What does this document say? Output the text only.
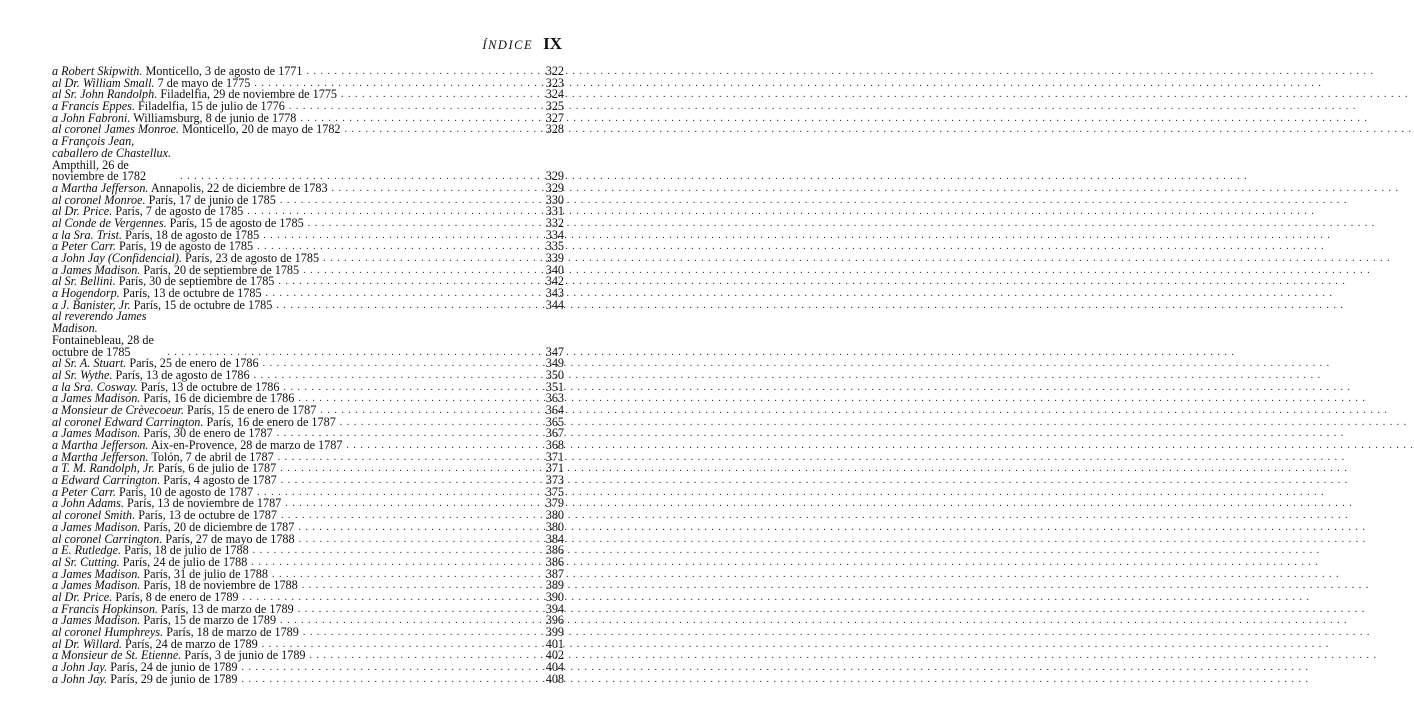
ÍNDICE IX
a Robert Skipwith. Monticello, 3 de agosto de 1771 . . .	322
al Dr. William Small. 7 de mayo de 1775 . . .	323
al Sr. John Randolph. Filadelfia, 29 de noviembre de 1775 . . .	324
a Francis Eppes. Filadelfia, 15 de julio de 1776 . . .	325
a John Fabroni. Williamsburg, 8 de junio de 1778 . . .	327
al coronel James Monroe. Monticello, 20 de mayo de 1782 . . .	328
a François Jean, caballero de Chastellux. Ampthill, 26 de noviembre de 1782 . . .	329
a Martha Jefferson. Annapolis, 22 de diciembre de 1783 . . .	329
al coronel Monroe. París, 17 de junio de 1785 . . .	330
al Dr. Price. París, 7 de agosto de 1785 . . .	331
al Conde de Vergennes. París, 15 de agosto de 1785 . . .	332
a la Sra. Trist. París, 18 de agosto de 1785 . . .	334
a Peter Carr. París, 19 de agosto de 1785 . . .	335
a John Jay (Confidencial). París, 23 de agosto de 1785 . . .	339
a James Madison. París, 20 de septiembre de 1785 . . .	340
al Sr. Bellini. París, 30 de septiembre de 1785 . . .	342
a Hogendorp. París, 13 de octubre de 1785 . . .	343
a J. Banister, Jr. París, 15 de octubre de 1785 . . .	344
al reverendo James Madison. Fontainebleau, 28 de octubre de 1785 . . .	347
al Sr. A. Stuart. París, 25 de enero de 1786 . . .	349
al Sr. Wythe. París, 13 de agosto de 1786 . . .	350
a la Sra. Cosway. París, 13 de octubre de 1786 . . .	351
a James Madison. París, 16 de diciembre de 1786 . . .	363
a Monsieur de Crèvecoeur. París, 15 de enero de 1787 . . .	364
al coronel Edward Carrington. París, 16 de enero de 1787 . . .	365
a James Madison. París, 30 de enero de 1787 . . .	367
a Martha Jefferson. Aix-en-Provence, 28 de marzo de 1787 . . .	368
a Martha Jefferson. Tolón, 7 de abril de 1787 . . .	371
a T. M. Randolph, Jr. París, 6 de julio de 1787 . . .	371
a Edward Carrington. París, 4 agosto de 1787 . . .	373
a Peter Carr. París, 10 de agosto de 1787 . . .	375
a John Adams. París, 13 de noviembre de 1787 . . .	379
al coronel Smith. París, 13 de octubre de 1787 . . .	380
a James Madison. París, 20 de diciembre de 1787 . . .	380
al coronel Carrington. París, 27 de mayo de 1788 . . .	384
a E. Rutledge. París, 18 de julio de 1788 . . .	386
al Sr. Cutting. París, 24 de julio de 1788 . . .	386
a James Madison. París, 31 de julio de 1788 . . .	387
a James Madison. París, 18 de noviembre de 1788 . . .	389
al Dr. Price. París, 8 de enero de 1789 . . .	390
a Francis Hopkinson. París, 13 de marzo de 1789 . . .	394
a James Madison. París, 15 de marzo de 1789 . . .	396
al coronel Humphreys. París, 18 de marzo de 1789 . . .	399
al Dr. Willard. París, 24 de marzo de 1789 . . .	401
a Monsieur de St. Etienne. París, 3 de junio de 1789 . . .	402
a John Jay. París, 24 de junio de 1789 . . .	404
a John Jay. París, 29 de junio de 1789 . . .	408
